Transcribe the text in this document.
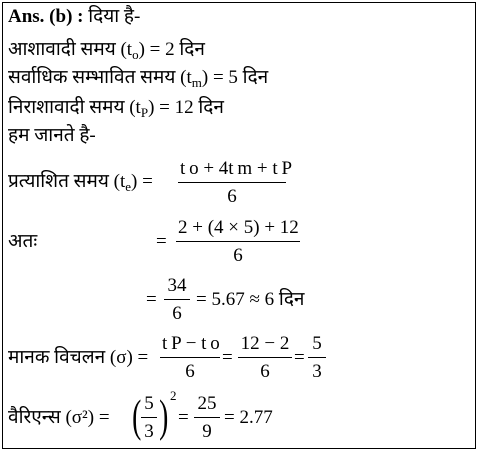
Ans. (b) : दिया है-
आशावादी समय $(t_o) = 2$ दिन
सर्वाधिक सम्भावित समय $(t_m) = 5$ दिन
निराशावादी समय $(t_P) = 12$ दिन
हम जानते है-
प्रत्याशित समय $(t_e)$ =
t o + 4t m + t P
6
अतः	=
2 + (4 × 5) + 12
6
=
34
6
= 5.67 ≈ 6 दिन
मानक विचलन (σ) =
t P − t o
6
=
12 − 2
6
=
5
3
वैरिएन्स (σ²) = ( 5
3 ) 2
=
25
9
= 2.77
